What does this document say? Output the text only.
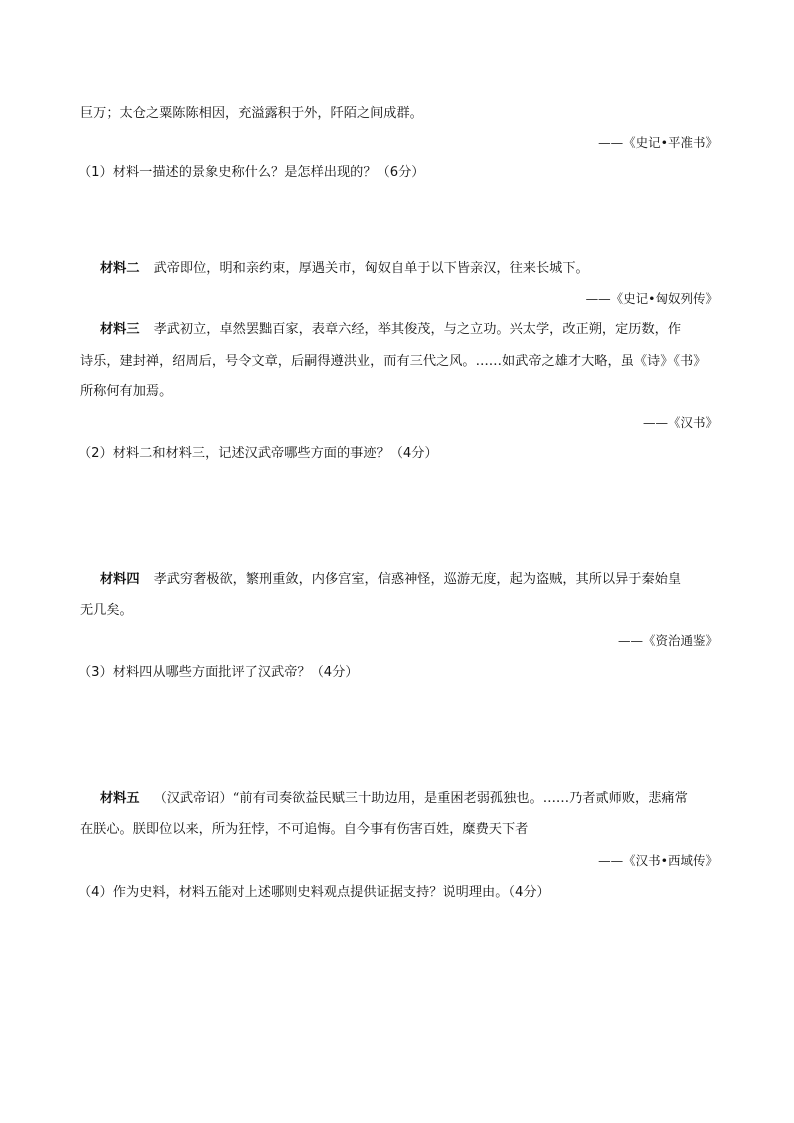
巨万；太仓之粟陈陈相因，充溢露积于外，阡陌之间成群。
——《史记•平准书》
（1）材料一描述的景象史称什么？是怎样出现的？（6分）
材料二 武帝即位，明和亲约束，厚遇关市，匈奴自单于以下皆亲汉，往来长城下。
——《史记•匈奴列传》
材料三 孝武初立，卓然罢黜百家，表章六经，举其俊茂，与之立功。兴太学，改正朔，定历数，作
诗乐，建封禅，绍周后，号令文章，后嗣得遵洪业，而有三代之风。……如武帝之雄才大略，虽《诗》《书》
所称何有加焉。
——《汉书》
（2）材料二和材料三，记述汉武帝哪些方面的事迹？（4分）
材料四 孝武穷奢极欲，繁刑重敛，内侈宫室，信惑神怪，巡游无度，起为盗贼，其所以异于秦始皇
无几矣。
——《资治通鉴》
（3）材料四从哪些方面批评了汉武帝？（4分）
材料五 （汉武帝诏）“前有司奏欲益民赋三十助边用，是重困老弱孤独也。……乃者贰师败，悲痛常
在朕心。朕即位以来，所为狂悖，不可追悔。自今事有伤害百姓，糜费天下者
——《汉书•西域传》
（4）作为史料，材料五能对上述哪则史料观点提供证据支持？说明理由。（4分）
